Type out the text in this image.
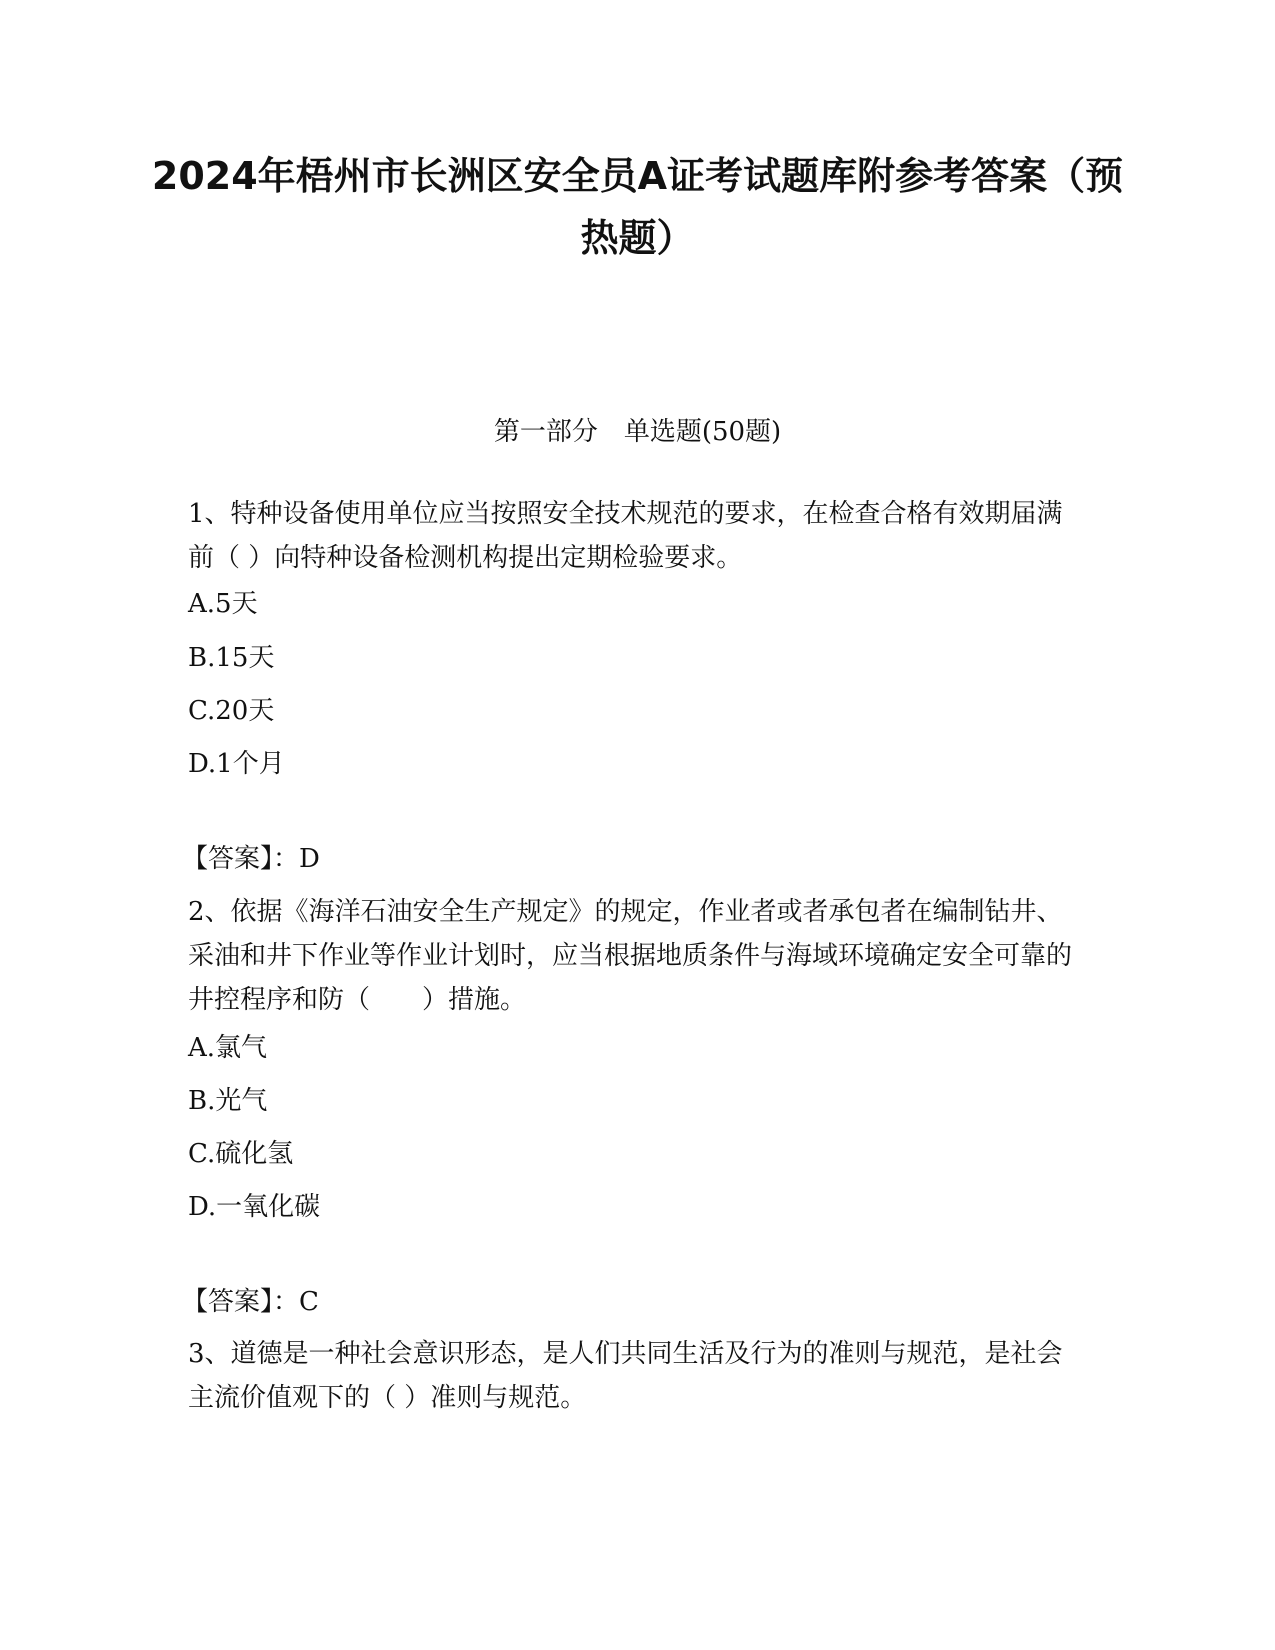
2024年梧州市长洲区安全员A证考试题库附参考答案（预热题）
第一部分　单选题(50题)
1、特种设备使用单位应当按照安全技术规范的要求，在检查合格有效期届满前（ ）向特种设备检测机构提出定期检验要求。
A.5天
B.15天
C.20天
D.1个月
【答案】：D
2、依据《海洋石油安全生产规定》的规定，作业者或者承包者在编制钻井、采油和井下作业等作业计划时，应当根据地质条件与海域环境确定安全可靠的井控程序和防（　　）措施。
A.氯气
B.光气
C.硫化氢
D.一氧化碳
【答案】：C
3、道德是一种社会意识形态，是人们共同生活及行为的准则与规范，是社会主流价值观下的（ ）准则与规范。
